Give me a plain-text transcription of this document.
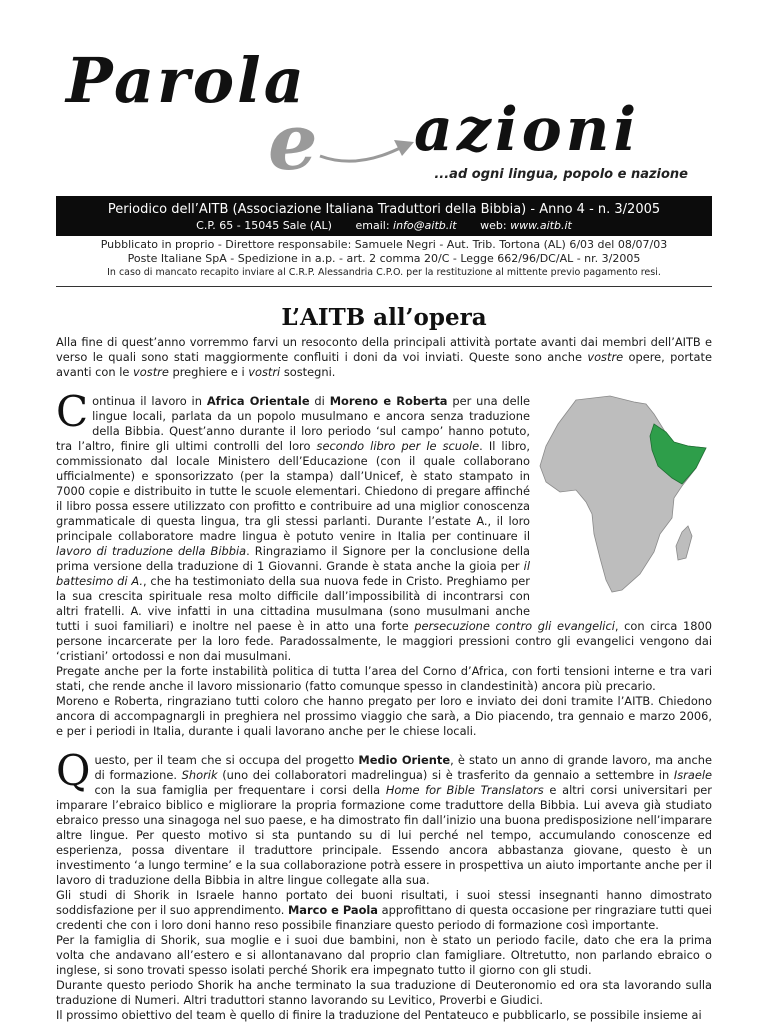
Parola
e azioni
...ad ogni lingua, popolo e nazione
Periodico dell’AITB (Associazione Italiana Traduttori della Bibbia) - Anno 4 - n. 3/2005
C.P. 65 - 15045 Sale (AL) email: info@aitb.it web: www.aitb.it
Pubblicato in proprio - Direttore responsabile: Samuele Negri - Aut. Trib. Tortona (AL) 6/03 del 08/07/03
Poste Italiane SpA - Spedizione in a.p. - art. 2 comma 20/C - Legge 662/96/DC/AL - nr. 3/2005
In caso di mancato recapito inviare al C.R.P. Alessandria C.P.O. per la restituzione al mittente previo pagamento resi.
L’AITB all’opera

Alla fine di quest’anno vorremmo farvi un resoconto della principali attività portate avanti dai membri dell’AITB e verso le quali sono stati maggiormente confluiti i doni da voi inviati. Queste sono anche vostre opere, portate avanti con le vostre preghiere e i vostri sostegni.

Continua il lavoro in Africa Orientale di Moreno e Roberta per una delle lingue locali, parlata da un popolo musulmano e ancora senza traduzione della Bibbia. Quest’anno durante il loro periodo ‘sul campo’ hanno potuto, tra l’altro, finire gli ultimi controlli del loro secondo libro per le scuole. Il libro, commissionato dal locale Ministero dell’Educazione (con il quale collaborano ufficialmente) e sponsorizzato (per la stampa) dall’Unicef, è stato stampato in 7000 copie e distribuito in tutte le scuole elementari. Chiedono di pregare affinché il libro possa essere utilizzato con profitto e contribuire ad una miglior conoscenza grammaticale di questa lingua, tra gli stessi parlanti. Durante l’estate A., il loro principale collaboratore madre lingua è potuto venire in Italia per continuare il lavoro di traduzione della Bibbia. Ringraziamo il Signore per la conclusione della prima versione della traduzione di 1 Giovanni. Grande è stata anche la gioia per il battesimo di A., che ha testimoniato della sua nuova fede in Cristo. Preghiamo per la sua crescita spirituale resa molto difficile dall’impossibilità di incontrarsi con altri fratelli. A. vive infatti in una cittadina musulmana (sono musulmani anche tutti i suoi familiari) e inoltre nel paese è in atto una forte persecuzione contro gli evangelici, con circa 1800 persone incarcerate per la loro fede. Paradossalmente, le maggiori pressioni contro gli evangelici vengono dai ‘cristiani’ ortodossi e non dai musulmani.

Pregate anche per la forte instabilità politica di tutta l’area del Corno d’Africa, con forti tensioni interne e tra vari stati, che rende anche il lavoro missionario (fatto comunque spesso in clandestinità) ancora più precario.

Moreno e Roberta, ringraziano tutti coloro che hanno pregato per loro e inviato dei doni tramite l’AITB. Chiedono ancora di accompagnargli in preghiera nel prossimo viaggio che sarà, a Dio piacendo, tra gennaio e marzo 2006, e per i periodi in Italia, durante i quali lavorano anche per le chiese locali.

Questo, per il team che si occupa del progetto Medio Oriente, è stato un anno di grande lavoro, ma anche di formazione. Shorik (uno dei collaboratori madrelingua) si è trasferito da gennaio a settembre in Israele con la sua famiglia per frequentare i corsi della Home for Bible Translators e altri corsi universitari per imparare l’ebraico biblico e migliorare la propria formazione come traduttore della Bibbia. Lui aveva già studiato ebraico presso una sinagoga nel suo paese, e ha dimostrato fin dall’inizio una buona predisposizione nell’imparare altre lingue. Per questo motivo si sta puntando su di lui perché nel tempo, accumulando conoscenze ed esperienza, possa diventare il traduttore principale. Essendo ancora abbastanza giovane, questo è un investimento ‘a lungo termine’ e la sua collaborazione potrà essere in prospettiva un aiuto importante anche per il lavoro di traduzione della Bibbia in altre lingue collegate alla sua.

Gli studi di Shorik in Israele hanno portato dei buoni risultati, i suoi stessi insegnanti hanno dimostrato soddisfazione per il suo apprendimento. Marco e Paola approfittano di questa occasione per ringraziare tutti quei credenti che con i loro doni hanno reso possibile finanziare questo periodo di formazione così importante.

Per la famiglia di Shorik, sua moglie e i suoi due bambini, non è stato un periodo facile, dato che era la prima volta che andavano all’estero e si allontanavano dal proprio clan famigliare. Oltretutto, non parlando ebraico o inglese, si sono trovati spesso isolati perché Shorik era impegnato tutto il giorno con gli studi.

Durante questo periodo Shorik ha anche terminato la sua traduzione di Deuteronomio ed ora sta lavorando sulla traduzione di Numeri. Altri traduttori stanno lavorando su Levitico, Proverbi e Giudici.

Il prossimo obiettivo del team è quello di finire la traduzione del Pentateuco e pubblicarlo, se possibile insieme ai
